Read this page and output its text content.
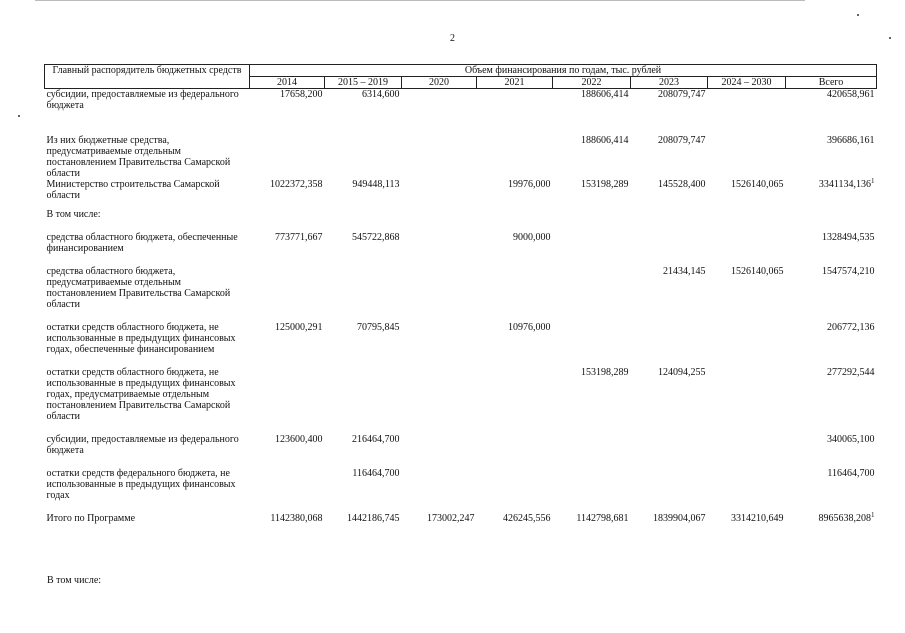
2
Главный распорядитель бюджетных средств	Объем финансирования по годам, тыс. рублей							
	2014	2015 – 2019	2020	2021	2022	2023	2024 – 2030	Всего
субсидии, предоставляемые из федерального бюджета	17658,200	6314,600			188606,414	208079,747		420658,961

Из них бюджетные средства, предусматриваемые отдельным постановлением Правительства Самарской области					188606,414	208079,747		396686,161
Министерство строительства Самарской области	1022372,358	949448,113		19976,000	153198,289	145528,400	1526140,065	3341134,136$^1$

В том числе:								

средства областного бюджета, обеспеченные финансированием	773771,667	545722,868		9000,000				1328494,535

средства областного бюджета, предусматриваемые отдельным постановлением Правительства Самарской области						21434,145	1526140,065	1547574,210

остатки средств областного бюджета, не использованные в предыдущих финансовых годах, обеспеченные финансированием	125000,291	70795,845		10976,000				206772,136

остатки средств областного бюджета, не использованные в предыдущих финансовых годах, предусматриваемые отдельным постановлением Правительства Самарской области					153198,289	124094,255		277292,544

субсидии, предоставляемые из федерального бюджета	123600,400	216464,700						340065,100

остатки средств федерального бюджета, не использованные в предыдущих финансовых годах		116464,700						116464,700

Итого по Программе	1142380,068	1442186,745	173002,247	426245,556	1142798,681	1839904,067	3314210,649	8965638,208$^1$
В том числе:
